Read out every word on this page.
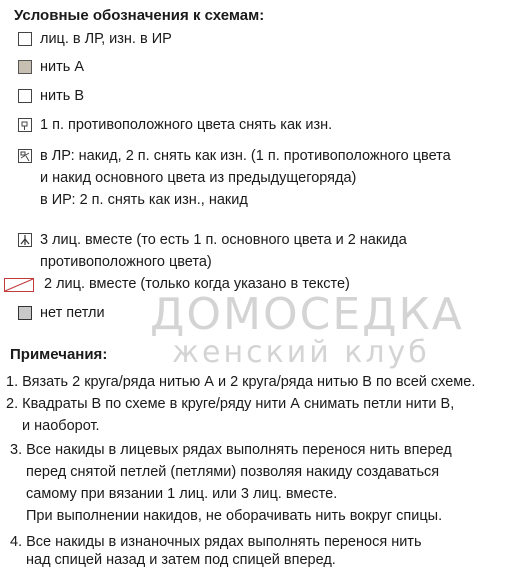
Условные обозначения к схемам:
лиц. в ЛР, изн. в ИР
нить А
нить В
1 п. противоположного цвета снять как изн.
в ЛР: накид, 2 п. снять как изн. (1 п. противоположного цвета
и накид основного цвета из предыдущегоряда)
в ИР: 2 п. снять как изн., накид
3 лиц. вместе (то есть 1 п. основного цвета и 2 накида
противоположного цвета)
2 лиц. вместе (только когда указано в тексте)
нет петли ДОМОСЕДКА
женский клуб
Примечания:
1. Вязать 2 круга/ряда нитью А и 2 круга/ряда нитью В по всей схеме.
2. Квадраты В по схеме в круге/ряду нити А снимать петли нити В,
и наоборот.
3. Все накиды в лицевых рядах выполнять перенося нить вперед
перед снятой петлей (петлями) позволяя накиду создаваться
самому при вязании 1 лиц. или 3 лиц. вместе.
При выполнении накидов, не оборачивать нить вокруг спицы.
4. Все накиды в изнаночных рядах выполнять перенося нить
над спицей назад и затем под спицей вперед.
